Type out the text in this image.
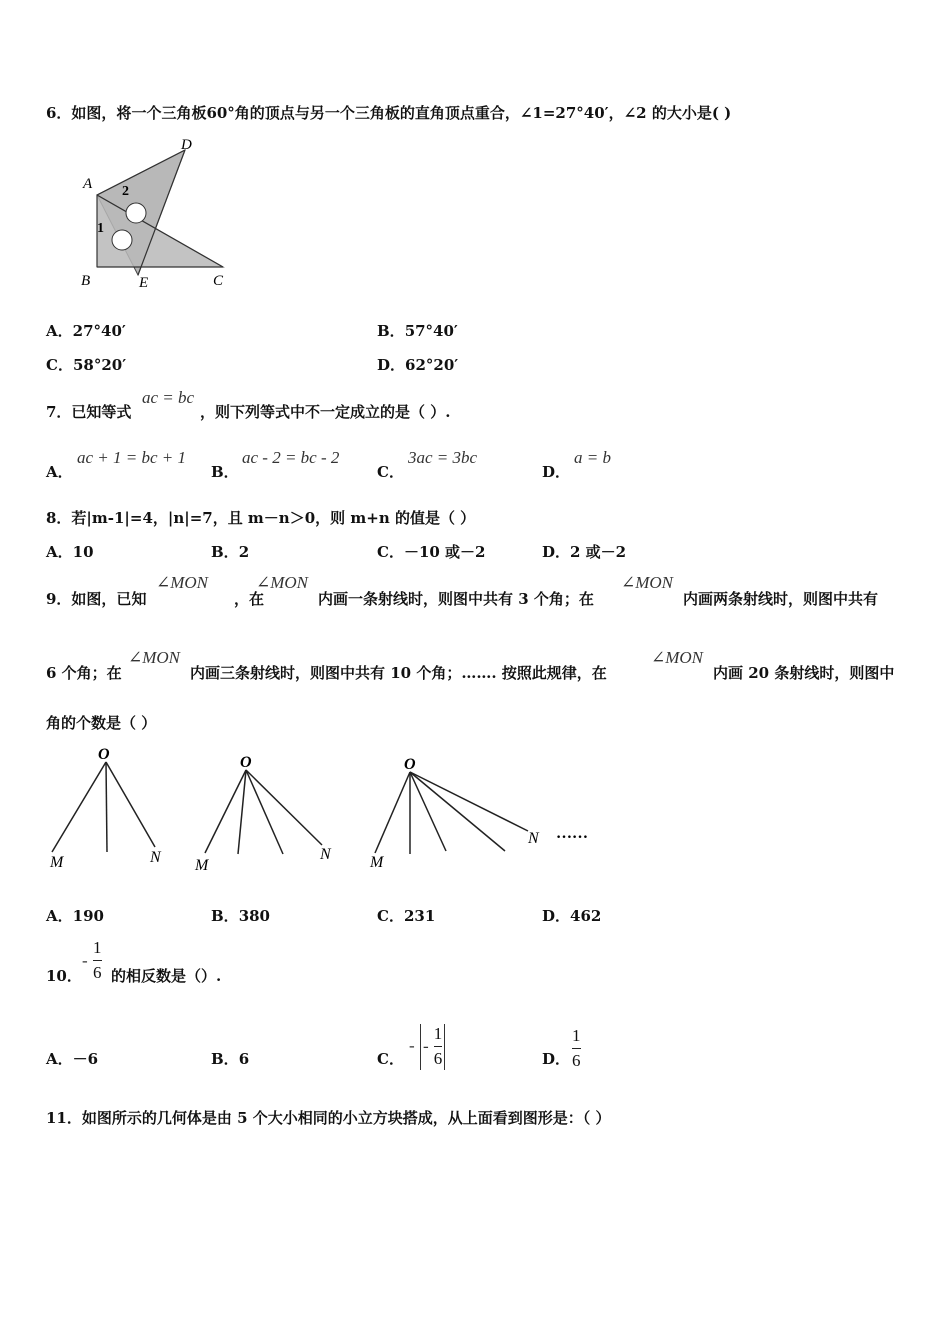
6．如图，将一个三角板60°角的顶点与另一个三角板的直角顶点重合，∠1=27°40′，∠2 的大小是( )
A
D
B	E	C
2
1
A．27°40′	B．57°40′
C．58°20′	D．62°20′
7．已知等式
ac = bc
，则下列等式中不一定成立的是（ ）.
A．
ac + 1 = bc + 1
B．
ac - 2 = bc - 2
C．
3ac = 3bc
D．
a = b
8．若|m-1|=4，|n|=7，且 m－n＞0，则 m+n 的值是（ ）
A．10	B．2	C．－10 或－2	D．2 或－2
9．如图，已知
∠MON
，在
∠MON
内画一条射线时，则图中共有 3 个角；在
∠MON
内画两条射线时，则图中共有
6 个角；在
∠MON
内画三条射线时，则图中共有 10 个角；……. 按照此规律，在
∠MON
内画 20 条射线时，则图中
角的个数是（ ）
O
M	N
O
M
N
O
M
N ……
A．190	B．380	C．231	D．462
10．
- $\frac{1}{6}$ 的相反数是（）.
A．－6	B．6	C．
- - $\frac{1}{6}$	D． $\frac{1}{6}$
11．如图所示的几何体是由 5 个大小相同的小立方块搭成，从上面看到图形是：（ ）
